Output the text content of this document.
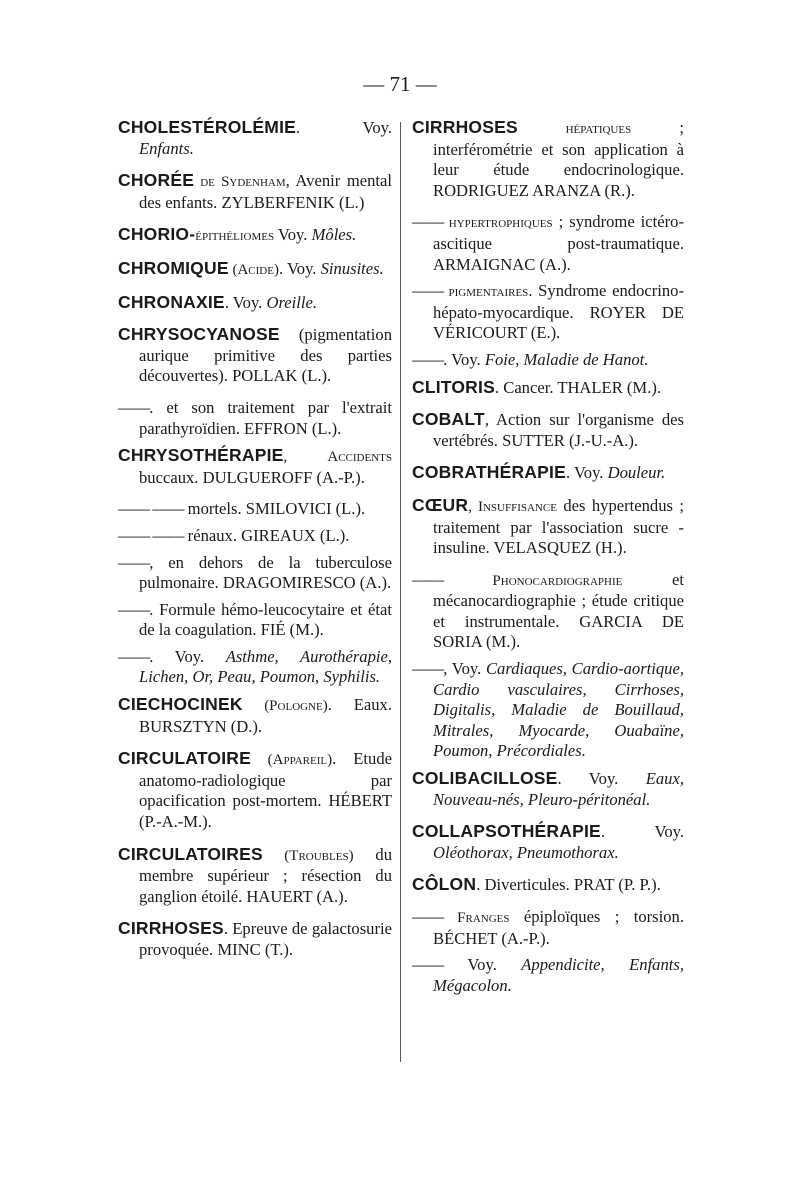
— 71 —

CHOLESTÉROLÉMIE. Voy. Enfants.

CHORÉE de Sydenham, Avenir mental des enfants. ZYLBERFENIK (L.)

CHORIO-épithéliomes Voy. Môles.

CHROMIQUE (Acide). Voy. Sinusites.

CHRONAXIE. Voy. Oreille.

CHRYSOCYANOSE (pigmentation aurique primitive des parties découvertes). POLLAK (L.).

——. et son traitement par l'extrait parathyroïdien. EFFRON (L.).

CHRYSOTHÉRAPIE, Accidents buccaux. DULGUEROFF (A.-P.).

—— —— mortels. SMILOVICI (L.).

—— —— rénaux. GIREAUX (L.).

——, en dehors de la tuberculose pulmonaire. DRAGOMIRESCO (A.).

——. Formule hémo-leucocytaire et état de la coagulation. FIÉ (M.).

——. Voy. Asthme, Aurothérapie, Lichen, Or, Peau, Poumon, Syphilis.

CIECHOCINEK (Pologne). Eaux. BURSZTYN (D.).

CIRCULATOIRE (Appareil). Etude anatomo-radiologique par opacification post-mortem. HÉBERT (P.-A.-M.).

CIRCULATOIRES (Troubles) du membre supérieur ; résection du ganglion étoilé. HAUERT (A.).

CIRRHOSES. Epreuve de galactosurie provoquée. MINC (T.).

CIRRHOSES hépatiques ; interférométrie et son application à leur étude endocrinologique. RODRIGUEZ ARANZA (R.).

—— hypertrophiques ; syndrome ictéro-ascitique post-traumatique. ARMAIGNAC (A.).

—— pigmentaires. Syndrome endocrino-hépato-myocardique. ROYER DE VÉRICOURT (E.).

——. Voy. Foie, Maladie de Hanot.

CLITORIS. Cancer. THALER (M.).

COBALT, Action sur l'organisme des vertébrés. SUTTER (J.-U.-A.).

COBRATHÉRAPIE. Voy. Douleur.

CŒUR, Insuffisance des hypertendus ; traitement par l'association sucre - insuline. VELASQUEZ (H.).

—— Phonocardiographie et mécanocardiographie ; étude critique et instrumentale. GARCIA DE SORIA (M.).

——, Voy. Cardiaques, Cardio-aortique, Cardio vasculaires, Cirrhoses, Digitalis, Maladie de Bouillaud, Mitrales, Myocarde, Ouabaïne, Poumon, Précordiales.

COLIBACILLOSE. Voy. Eaux, Nouveau-nés, Pleuro-péritonéal.

COLLAPSOTHÉRAPIE. Voy. Oléothorax, Pneumothorax.

CÔLON. Diverticules. PRAT (P. P.).

—— Franges épiploïques ; torsion. BÉCHET (A.-P.).

—— Voy. Appendicite, Enfants, Mégacolon.
